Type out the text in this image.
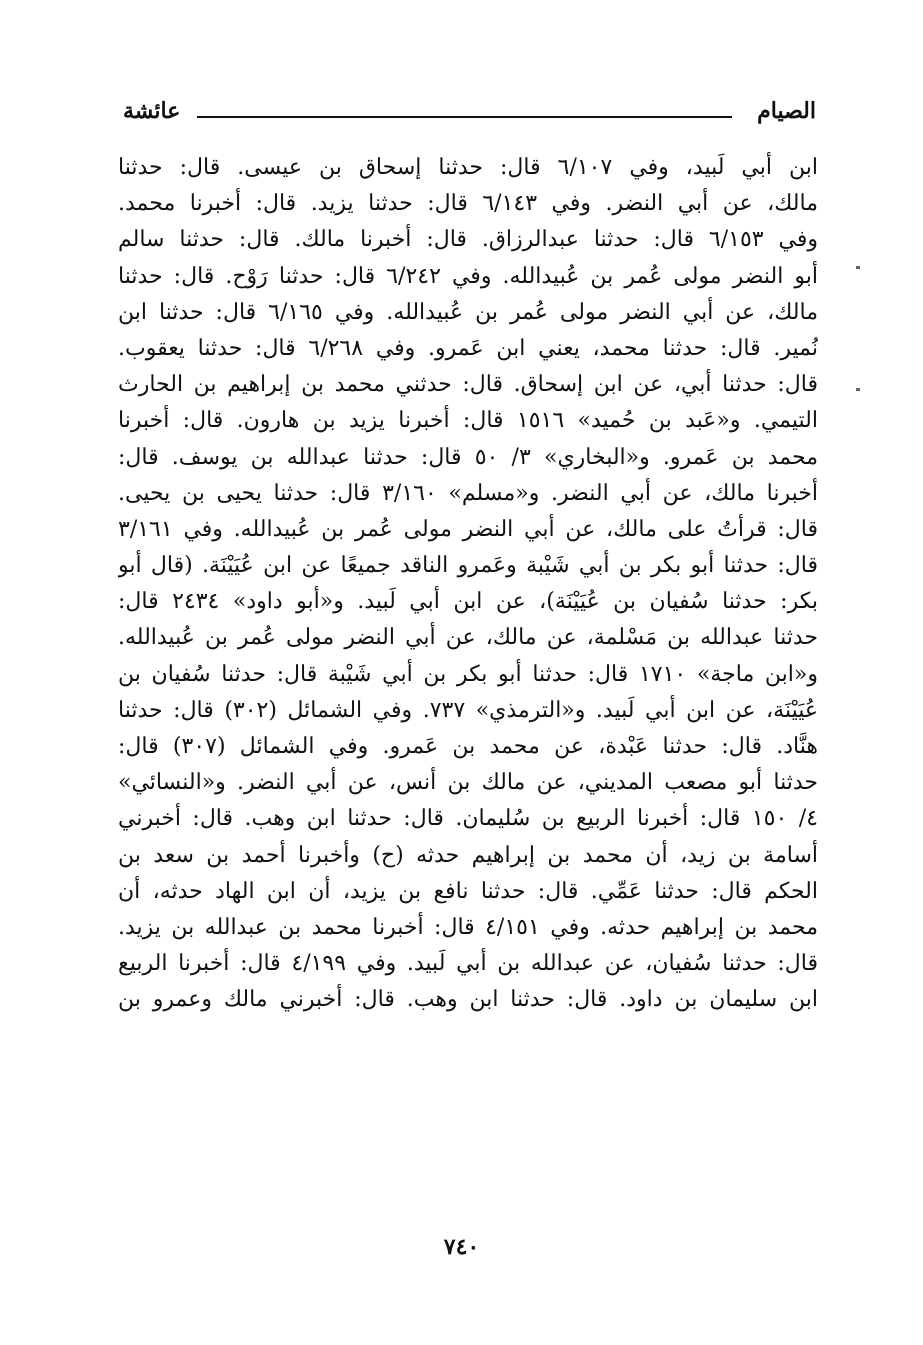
الصيام
عائشة
ابن أبي لَبيد، وفي ٦/١٠٧ قال: حدثنا إسحاق بن عيسى. قال: حدثنا
مالك، عن أبي النضر. وفي ٦/١٤٣ قال: حدثنا يزيد. قال: أخبرنا محمد.
وفي ٦/١٥٣ قال: حدثنا عبدالرزاق. قال: أخبرنا مالك. قال: حدثنا سالم
أبو النضر مولى عُمر بن عُبيدالله. وفي ٦/٢٤٢ قال: حدثنا رَوْح. قال: حدثنا
مالك، عن أبي النضر مولى عُمر بن عُبيدالله. وفي ٦/١٦٥ قال: حدثنا ابن
نُمير. قال: حدثنا محمد، يعني ابن عَمرو. وفي ٦/٢٦٨ قال: حدثنا يعقوب.
قال: حدثنا أبي، عن ابن إسحاق. قال: حدثني محمد بن إبراهيم بن الحارث
التيمي. و«عَبد بن حُميد» ١٥١٦ قال: أخبرنا يزيد بن هارون. قال: أخبرنا
محمد بن عَمرو. و«البخاري» ٣/ ٥٠ قال: حدثنا عبدالله بن يوسف. قال:
أخبرنا مالك، عن أبي النضر. و«مسلم» ٣/١٦٠ قال: حدثنا يحيى بن يحيى.
قال: قرأتُ على مالك، عن أبي النضر مولى عُمر بن عُبيدالله. وفي ٣/١٦١
قال: حدثنا أبو بكر بن أبي شَيْبة وعَمرو الناقد جميعًا عن ابن عُيَيْنَة. (قال أبو
بكر: حدثنا سُفيان بن عُيَيْنَة)، عن ابن أبي لَبيد. و«أبو داود» ٢٤٣٤ قال:
حدثنا عبدالله بن مَسْلمة، عن مالك، عن أبي النضر مولى عُمر بن عُبيدالله.
و«ابن ماجة» ١٧١٠ قال: حدثنا أبو بكر بن أبي شَيْبة قال: حدثنا سُفيان بن
عُيَيْنَة، عن ابن أبي لَبيد. و«الترمذي» ٧٣٧. وفي الشمائل (٣٠٢) قال: حدثنا
هنَّاد. قال: حدثنا عَبْدة، عن محمد بن عَمرو. وفي الشمائل (٣٠٧) قال:
حدثنا أبو مصعب المديني، عن مالك بن أنس، عن أبي النضر. و«النسائي»
٤/ ١٥٠ قال: أخبرنا الربيع بن سُليمان. قال: حدثنا ابن وهب. قال: أخبرني
أسامة بن زيد، أن محمد بن إبراهيم حدثه (ح) وأخبرنا أحمد بن سعد بن
الحكم قال: حدثنا عَمِّي. قال: حدثنا نافع بن يزيد، أن ابن الهاد حدثه، أن
محمد بن إبراهيم حدثه. وفي ٤/١٥١ قال: أخبرنا محمد بن عبدالله بن يزيد.
قال: حدثنا سُفيان، عن عبدالله بن أبي لَبيد. وفي ٤/١٩٩ قال: أخبرنا الربيع
ابن سليمان بن داود. قال: حدثنا ابن وهب. قال: أخبرني مالك وعمرو بن
٧٤٠
